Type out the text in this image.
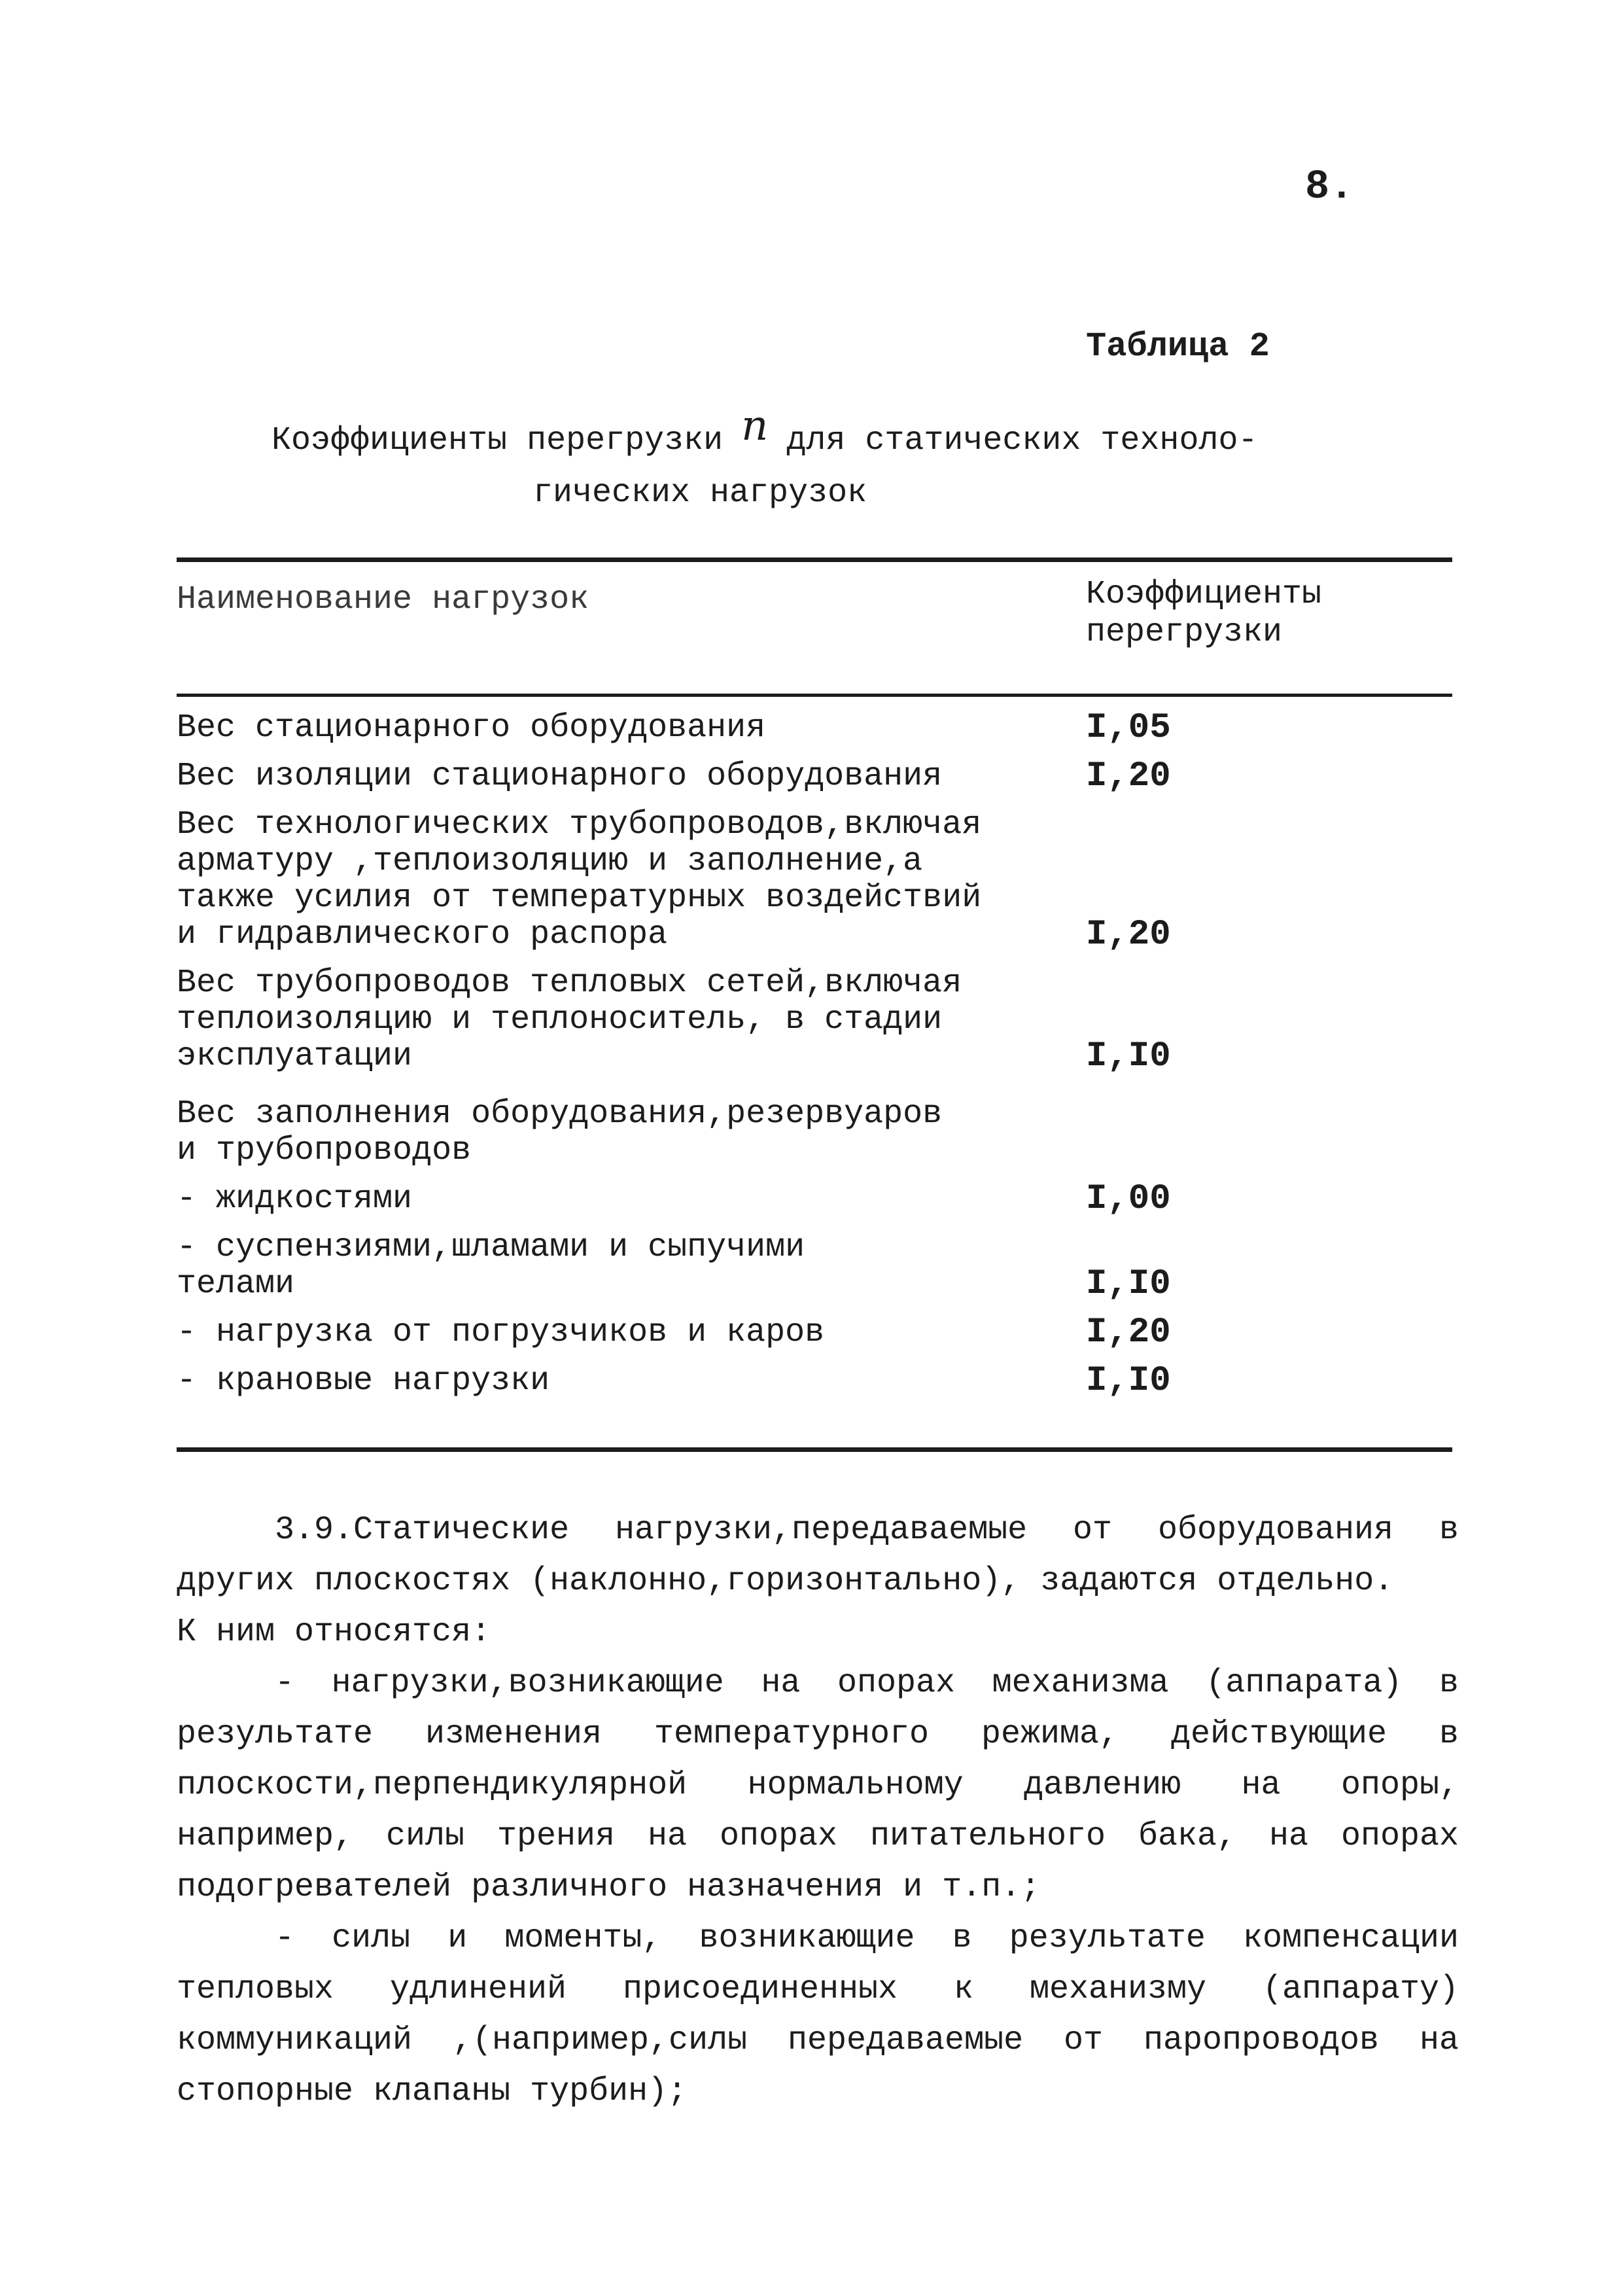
8.
Таблица 2
Коэффициенты перегрузки n для статических техноло-
гических нагрузок
Наименование нагрузок	Коэффициенты
перегрузки
Вес стационарного оборудования	I,05
Вес изоляции стационарного оборудования	I,20
Вес технологических трубопроводов,включая
арматуру ,теплоизоляцию и заполнение,а
также усилия от температурных воздействий
и гидравлического распора	I,20
Вес трубопроводов тепловых сетей,включая
теплоизоляцию и теплоноситель, в стадии
эксплуатации	I,I0
Вес заполнения оборудования,резервуаров
и трубопроводов
- жидкостями	I,00
- суспензиями,шламами и сыпучими
телами	I,I0
- нагрузка от погрузчиков и каров	I,20
- крановые нагрузки	I,I0

3.9.Статические нагрузки,передаваемые от оборудования в других плоскостях (наклонно,горизонтально), задаются отдельно.

К ним относятся:

- нагрузки,возникающие на опорах механизма (аппарата) в результате изменения температурного режима, действующие в плоскости,перпендикулярной нормальному давлению на опоры, например, силы трения на опорах питательного бака, на опорах подогревателей различного назначения и т.п.;

- силы и моменты, возникающие в результате компенсации тепловых удлинений присоединенных к механизму (аппарату) коммуникаций ,(например,силы передаваемые от паропроводов на стопорные клапаны турбин);
